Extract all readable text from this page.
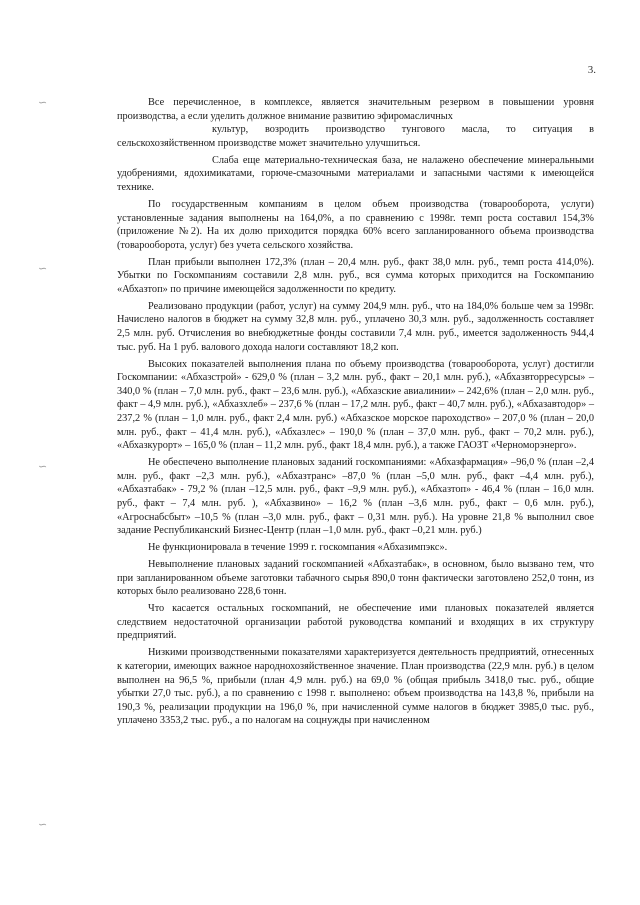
3.
∽
∽
∽
∽

Все перечисленное, в комплексе, является значительным резервом в повышении уровня производства, а если уделить должное внимание развитию эфиромасличных

культур, возродить производство тунгового масла, то ситуация в сельскохозяйственном производстве может значительно улучшиться.

Слаба еще материально-техническая база, не налажено обеспечение минеральными удобрениями, ядохимикатами, горюче-смазочными материалами и запасными частями к имеющейся технике.

По государственным компаниям в целом объем производства (товарооборота, услуги) установленные задания выполнены на 164,0%, а по сравнению с 1998г. темп роста составил 154,3% (приложение №2). На их долю приходится порядка 60% всего запланированного объема производства (товарооборота, услуг) без учета сельского хозяйства.

План прибыли выполнен 172,3% (план – 20,4 млн. руб., факт 38,0 млн. руб., темп роста 414,0%). Убытки по Госкомпаниям составили 2,8 млн. руб., вся сумма которых приходится на Госкомпанию «Абхазтоп» по причине имеющейся задолженности по кредиту.

Реализовано продукции (работ, услуг) на сумму 204,9 млн. руб., что на 184,0% больше чем за 1998г. Начислено налогов в бюджет на сумму 32,8 млн. руб., уплачено 30,3 млн. руб., задолженность составляет 2,5 млн. руб. Отчисления во внебюджетные фонды составили 7,4 млн. руб., имеется задолженность 944,4 тыс. руб. На 1 руб. валового дохода налоги составляют 18,2 коп.

Высоких показателей выполнения плана по объему производства (товарооборота, услуг) достигли Госкомпании: «Абхазстрой» - 629,0 % (план – 3,2 млн. руб., факт – 20,1 млн. руб.), «Абхазвторресурсы» – 340,0 % (план – 7,0 млн. руб., факт – 23,6 млн. руб.), «Абхазские авиалинии» – 242,6% (план – 2,0 млн. руб., факт – 4,9 млн. руб.), «Абхазхлеб» – 237,6 % (план – 17,2 млн. руб., факт – 40,7 млн. руб.), «Абхазавтодор» – 237,2 % (план – 1,0 млн. руб., факт 2,4 млн. руб.) «Абхазское морское пароходство» – 207,0 % (план – 20,0 млн. руб., факт – 41,4 млн. руб.), «Абхазлес» – 190,0 % (план – 37,0 млн. руб., факт – 70,2 млн. руб.), «Абхазкурорт» – 165,0 % (план – 11,2 млн. руб., факт 18,4 млн. руб.), а также ГАОЗТ «Черноморэнерго».

Не обеспечено выполнение плановых заданий госкомпаниями: «Абхазфармация» –96,0 % (план –2,4 млн. руб., факт –2,3 млн. руб.), «Абхазтранс» –87,0 % (план –5,0 млн. руб., факт –4,4 млн. руб.), «Абхазтабак» - 79,2 % (план –12,5 млн. руб., факт –9,9 млн. руб.), «Абхазтоп» - 46,4 % (план – 16,0 млн. руб., факт – 7,4 млн. руб. ), «Абхазвино» – 16,2 % (план –3,6 млн. руб., факт – 0,6 млн. руб.), «Агроснабсбыт» –10,5 % (план –3,0 млн. руб., факт – 0,31 млн. руб.). На уровне 21,8 % выполнил свое задание Республиканский Бизнес-Центр (план –1,0 млн. руб., факт –0,21 млн. руб.)

Не функционировала в течение 1999 г. госкомпания «Абхазимпэкс».

Невыполнение плановых заданий госкомпанией «Абхазтабак», в основном, было вызвано тем, что при запланированном объеме заготовки табачного сырья 890,0 тонн фактически заготовлено 252,0 тонн, из которых было реализовано 228,6 тонн.

Что касается остальных госкомпаний, не обеспечение ими плановых показателей является следствием недостаточной организации работой руководства компаний и входящих в их структуру предприятий.

Низкими производственными показателями характеризуется деятельность предприятий, отнесенных к категории, имеющих важное народнохозяйственное значение. План производства (22,9 млн. руб.) в целом выполнен на 96,5 %, прибыли (план 4,9 млн. руб.) на 69,0 % (общая прибыль 3418,0 тыс. руб., общие убытки 27,0 тыс. руб.), а по сравнению с 1998 г. выполнено: объем производства на 143,8 %, прибыли на 190,3 %, реализации продукции на 196,0 %, при начисленной сумме налогов в бюджет 3985,0 тыс. руб., уплачено 3353,2 тыс. руб., а по налогам на соцнужды при начисленном
